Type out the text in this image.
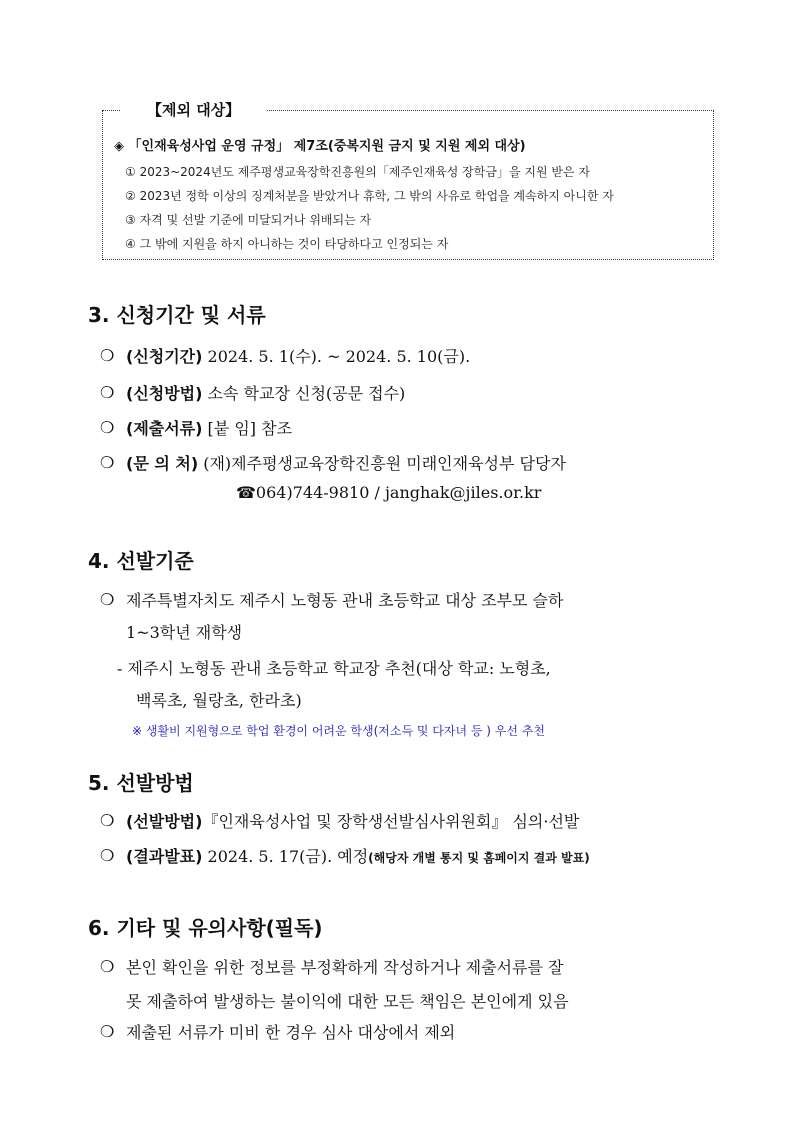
【제외 대상】
◈ 「인재육성사업 운영 규정」 제7조(중복지원 금지 및 지원 제외 대상)
① 2023~2024년도 제주평생교육장학진흥원의「제주인재육성 장학금」을 지원 받은 자
② 2023년 정학 이상의 징계처분을 받았거나 휴학, 그 밖의 사유로 학업을 계속하지 아니한 자
③ 자격 및 선발 기준에 미달되거나 위배되는 자
④ 그 밖에 지원을 하지 아니하는 것이 타당하다고 인정되는 자
3. 신청기간 및 서류
❍ (신청기간) 2024. 5. 1(수). ~ 2024. 5. 10(금).
❍ (신청방법) 소속 학교장 신청(공문 접수)
❍ (제출서류) [붙 임] 참조
❍ (문 의 처) (재)제주평생교육장학진흥원 미래인재육성부 담당자
☎064)744-9810 / janghak@jiles.or.kr
4. 선발기준
❍ 제주특별자치도 제주시 노형동 관내 초등학교 대상 조부모 슬하
1~3학년 재학생
- 제주시 노형동 관내 초등학교 학교장 추천(대상 학교: 노형초,
백록초, 월랑초, 한라초)
※ 생활비 지원형으로 학업 환경이 어려운 학생(저소득 및 다자녀 등 ) 우선 추천
5. 선발방법
❍ (선발방법)『인재육성사업 및 장학생선발심사위원회』 심의·선발
❍ (결과발표) 2024. 5. 17(금). 예정(해당자 개별 통지 및 홈페이지 결과 발표)
6. 기타 및 유의사항(필독)
❍ 본인 확인을 위한 정보를 부정확하게 작성하거나 제출서류를 잘
못 제출하여 발생하는 불이익에 대한 모든 책임은 본인에게 있음
❍ 제출된 서류가 미비 한 경우 심사 대상에서 제외
